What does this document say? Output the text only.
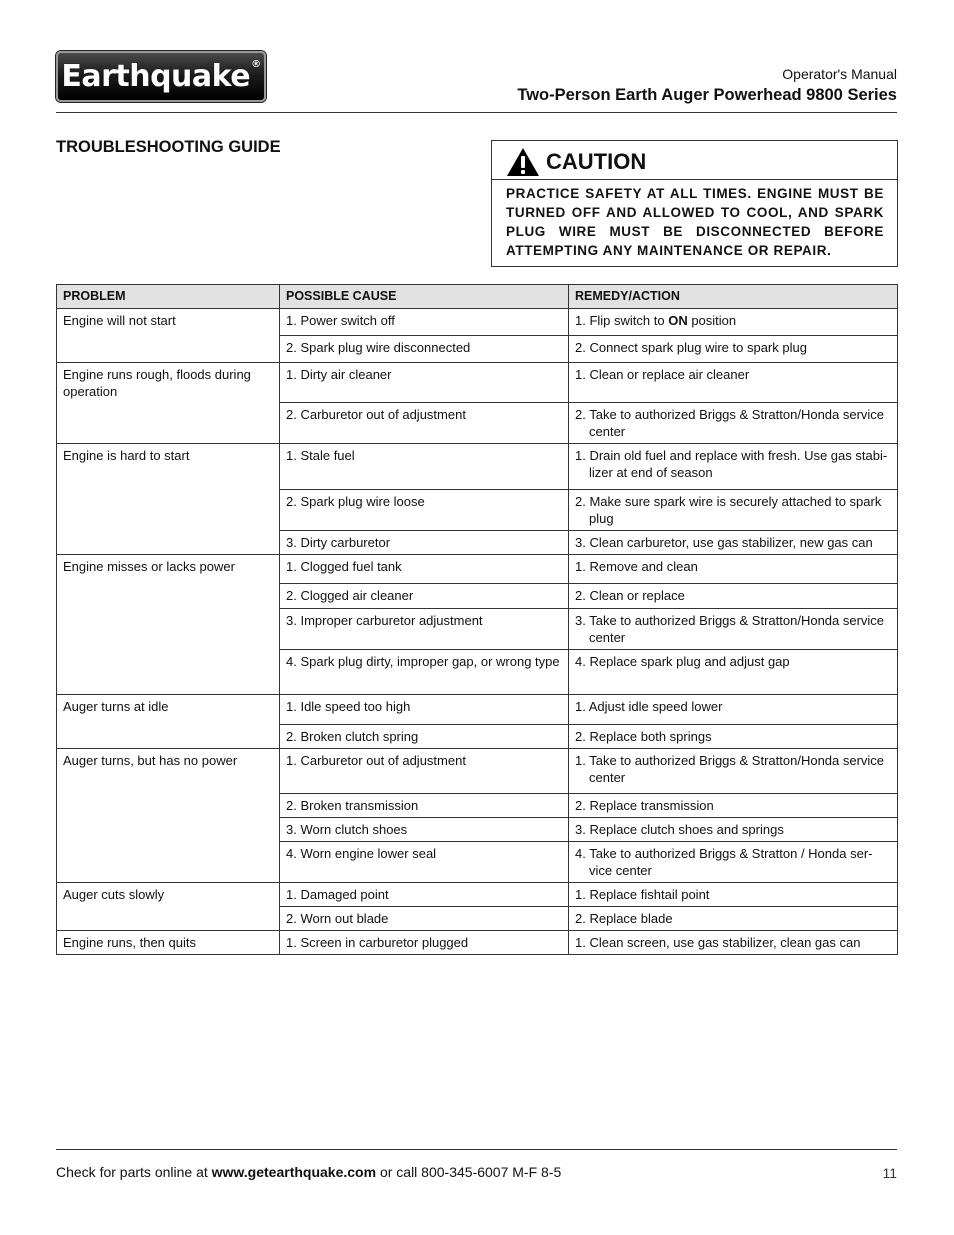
Earthquake®
Operator's Manual
Two-Person Earth Auger Powerhead 9800 Series
TROUBLESHOOTING GUIDE
CAUTION
PRACTICE SAFETY AT ALL TIMES. ENGINE MUST BE TURNED OFF AND ALLOWED TO COOL, AND SPARK PLUG WIRE MUST BE DISCONNECTED BEFORE ATTEMPTING ANY MAINTENANCE OR REPAIR.
PROBLEM	POSSIBLE CAUSE	REMEDY/ACTION
Engine will not start	1. Power switch off	1. Flip switch to ON position

	2. Spark plug wire disconnected	2. Connect spark plug wire to spark plug

Engine runs rough, floods during operation	1. Dirty air cleaner	1. Clean or replace air cleaner

	2. Carburetor out of adjustment	2. Take to authorized Briggs & Stratton/Honda service center

Engine is hard to start	1. Stale fuel	1. Drain old fuel and replace with fresh. Use gas stabi-lizer at end of season

	2. Spark plug wire loose	2. Make sure spark wire is securely attached to spark plug

	3. Dirty carburetor	3. Clean carburetor, use gas stabilizer, new gas can

Engine misses or lacks power	1. Clogged fuel tank	1. Remove and clean

	2. Clogged air cleaner	2. Clean or replace

	3. Improper carburetor adjustment	3. Take to authorized Briggs & Stratton/Honda service center

	4. Spark plug dirty, improper gap, or wrong type	4. Replace spark plug and adjust gap

Auger turns at idle	1. Idle speed too high	1. Adjust idle speed lower

	2. Broken clutch spring	2. Replace both springs

Auger turns, but has no power	1. Carburetor out of adjustment	1. Take to authorized Briggs & Stratton/Honda service center

	2. Broken transmission	2. Replace transmission

	3. Worn clutch shoes	3. Replace clutch shoes and springs

	4. Worn engine lower seal	4. Take to authorized Briggs & Stratton / Honda ser-vice center

Auger cuts slowly	1. Damaged point	1. Replace fishtail point

	2. Worn out blade	2. Replace blade

Engine runs, then quits	1. Screen in carburetor plugged	1. Clean screen, use gas stabilizer, clean gas can
Check for parts online at www.getearthquake.com or call 800-345-6007 M-F 8-5	11
